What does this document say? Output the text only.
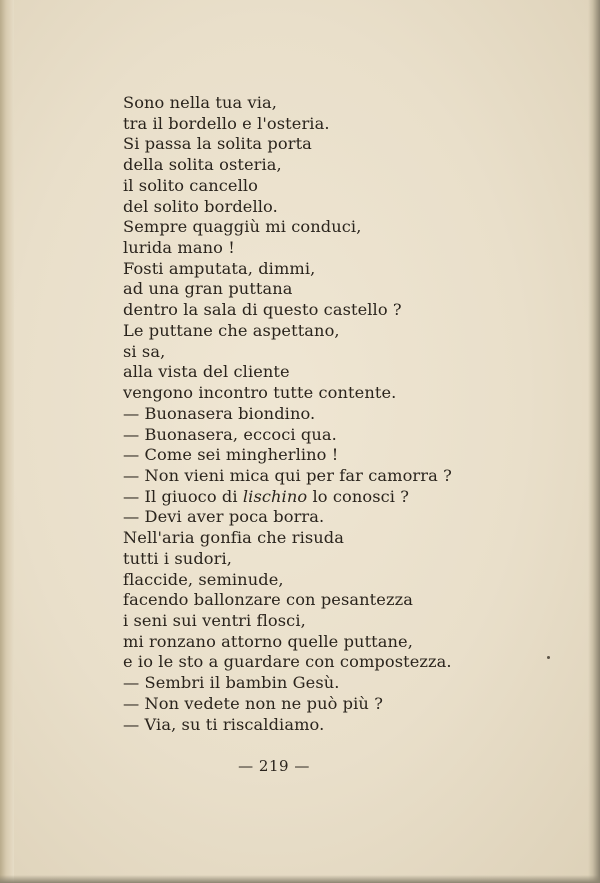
Sono nella tua via,
tra il bordello e l'osteria.
Si passa la solita porta
della solita osteria,
il solito cancello
del solito bordello.
Sempre quaggiù mi conduci,
lurida mano !
Fosti amputata, dimmi,
ad una gran puttana
dentro la sala di questo castello ?
Le puttane che aspettano,
si sa,
alla vista del cliente
vengono incontro tutte contente.
— Buonasera biondino.
— Buonasera, eccoci qua.
— Come sei mingherlino !
— Non vieni mica qui per far camorra ?
— Il giuoco di lischino lo conosci ?
— Devi aver poca borra.
Nell'aria gonfia che risuda
tutti i sudori,
flaccide, seminude,
facendo ballonzare con pesantezza
i seni sui ventri flosci,
mi ronzano attorno quelle puttane,
e io le sto a guardare con compostezza.
— Sembri il bambin Gesù.
— Non vedete non ne può più ?
— Via, su ti riscaldiamo.
— 219 —
